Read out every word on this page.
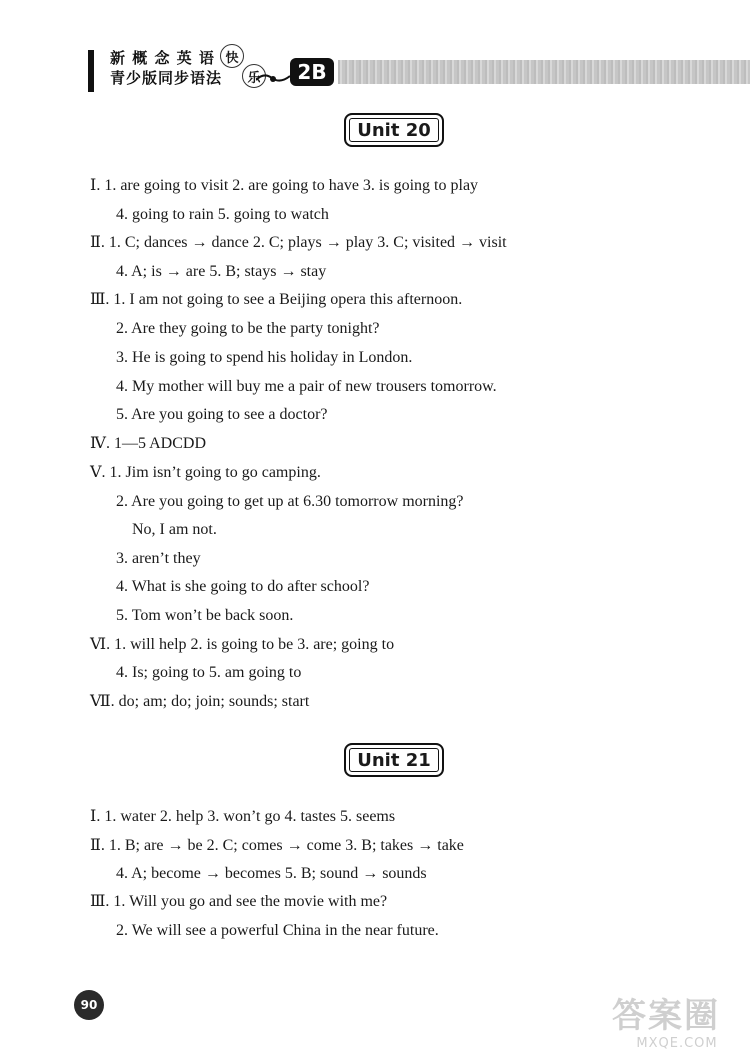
新 概 念 英 语
青少版同步语法
快
乐	2B
Unit 20
Ⅰ. 1. are going to visit 2. are going to have 3. is going to play
4. going to rain 5. going to watch
Ⅱ. 1. C; dances → dance 2. C; plays → play 3. C; visited → visit
4. A; is → are 5. B; stays → stay
Ⅲ. 1. I am not going to see a Beijing opera this afternoon.
2. Are they going to be the party tonight?
3. He is going to spend his holiday in London.
4. My mother will buy me a pair of new trousers tomorrow.
5. Are you going to see a doctor?
Ⅳ. 1—5 ADCDD
Ⅴ. 1. Jim isn’t going to go camping.
2. Are you going to get up at 6.30 tomorrow morning?
No, I am not.
3. aren’t they
4. What is she going to do after school?
5. Tom won’t be back soon.
Ⅵ. 1. will help 2. is going to be 3. are; going to
4. Is; going to 5. am going to
Ⅶ. do; am; do; join; sounds; start
Unit 21
Ⅰ. 1. water 2. help 3. won’t go 4. tastes 5. seems
Ⅱ. 1. B; are → be 2. C; comes → come 3. B; takes → take
4. A; become → becomes 5. B; sound → sounds
Ⅲ. 1. Will you go and see the movie with me?
2. We will see a powerful China in the near future.
90	答案圈
MXQE.COM
